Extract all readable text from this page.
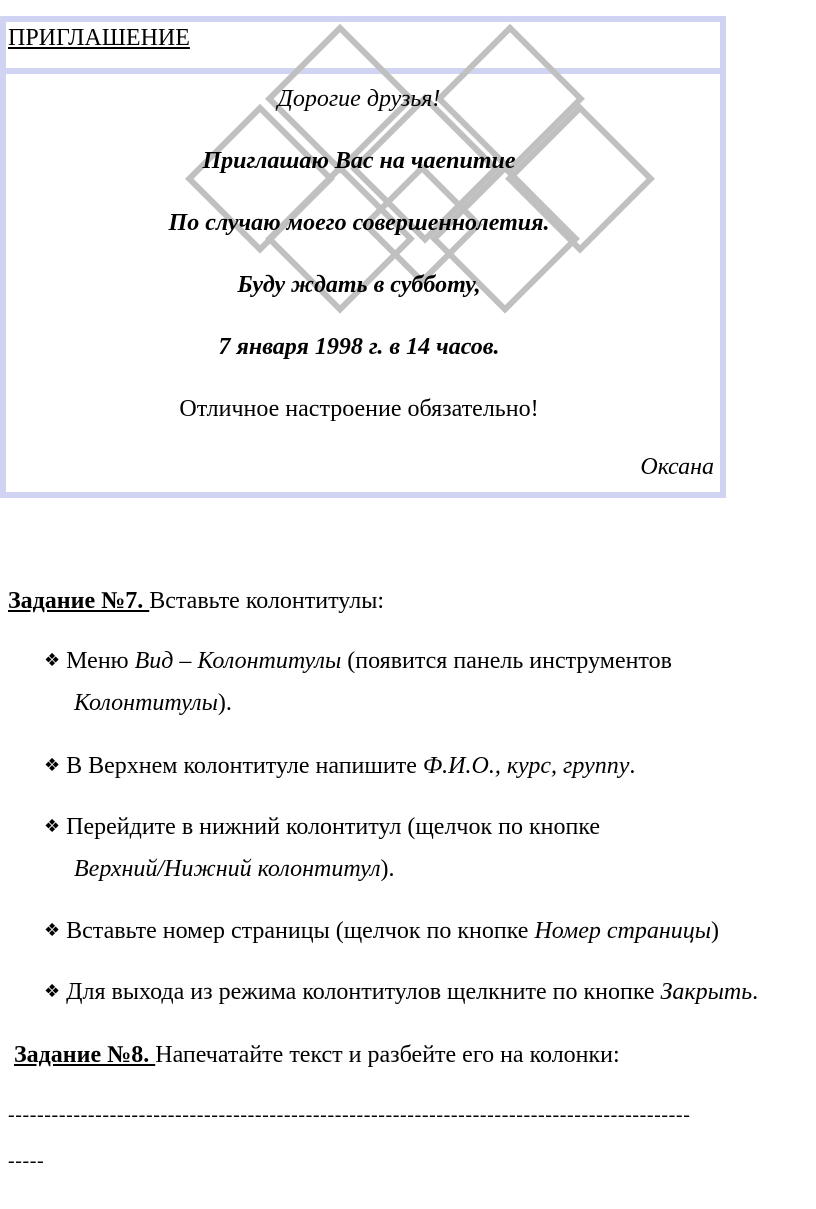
ПРИГЛАШЕНИЕ
Дорогие друзья!
Приглашаю Вас на чаепитие
По случаю моего совершеннолетия.
Буду ждать в субботу,
7 января 1998 г. в 14 часов.
Отличное настроение обязательно!
Оксана
Задание №7. Вставьте колонтитулы:
❖ Меню Вид – Колонтитулы (появится панель инструментов
Колонтитулы).
❖ В Верхнем колонтитуле напишите Ф.И.О., курс, группу.
❖ Перейдите в нижний колонтитул (щелчок по кнопке
Верхний/Нижний колонтитул).
❖ Вставьте номер страницы (щелчок по кнопке Номер страницы)
❖ Для выхода из режима колонтитулов щелкните по кнопке Закрыть.
Задание №8. Напечатайте текст и разбейте его на колонки:
----------------------------------------------------------------------------------------------
-----
